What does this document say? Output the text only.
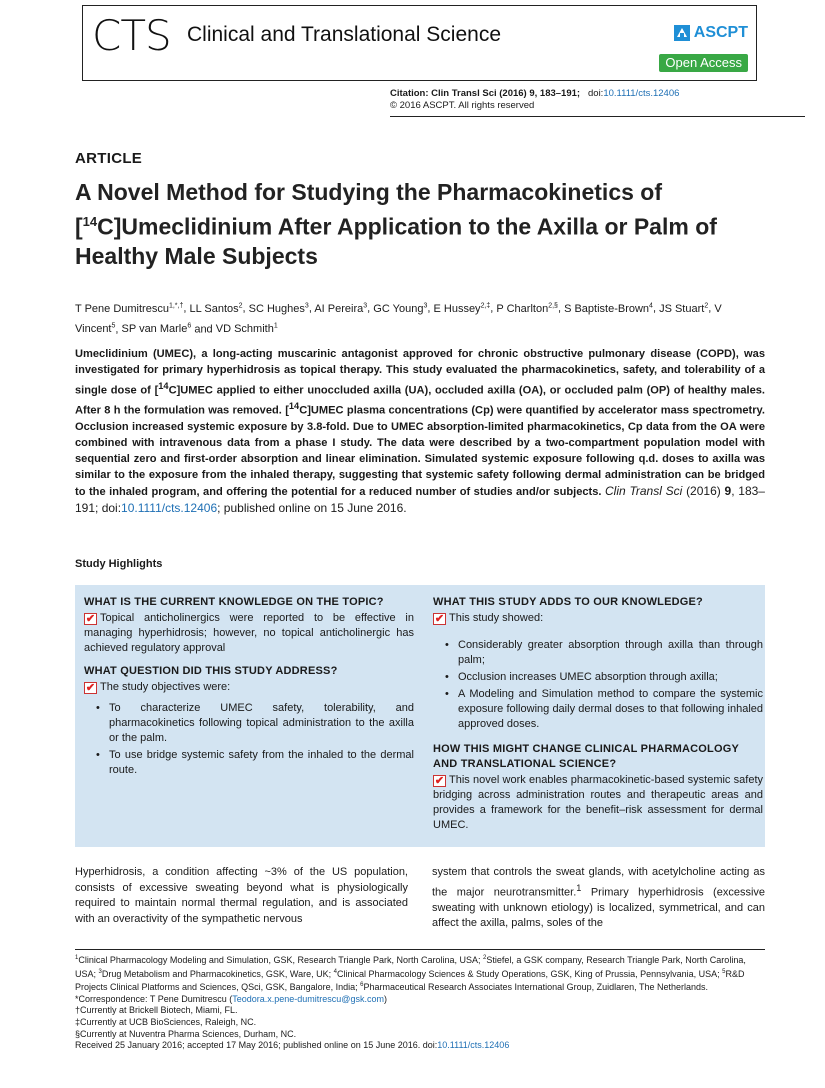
CTS Clinical and Translational Science	ASCPT
Open Access
Citation: Clin Transl Sci (2016) 9, 183–191; doi:10.1111/cts.12406
© 2016 ASCPT. All rights reserved
ARTICLE
A Novel Method for Studying the Pharmacokinetics of [$^{14}$C]Umeclidinium After Application to the Axilla or Palm of Healthy Male Subjects
T Pene Dumitrescu$^{1,*,\dagger}$, LL Santos$^2$, SC Hughes$^3$, AI Pereira$^3$, GC Young$^3$, E Hussey$^{2,\ddagger}$, P Charlton$^{2,\S}$, S Baptiste-Brown$^4$, JS Stuart$^2$, V Vincent$^5$, SP van Marle$^6$ and VD Schmith$^1$
Umeclidinium (UMEC), a long-acting muscarinic antagonist approved for chronic obstructive pulmonary disease (COPD), was investigated for primary hyperhidrosis as topical therapy. This study evaluated the pharmacokinetics, safety, and tolerability of a single dose of [$^{14}$C]UMEC applied to either unoccluded axilla (UA), occluded axilla (OA), or occluded palm (OP) of healthy males. After 8 h the formulation was removed. [$^{14}$C]UMEC plasma concentrations (Cp) were quantified by accelerator mass spectrometry. Occlusion increased systemic exposure by 3.8-fold. Due to UMEC absorption-limited pharmacokinetics, Cp data from the OA were combined with intravenous data from a phase I study. The data were described by a two-compartment population model with sequential zero and first-order absorption and linear elimination. Simulated systemic exposure following q.d. doses to axilla was similar to the exposure from the inhaled therapy, suggesting that systemic safety following dermal administration can be bridged to the inhaled program, and offering the potential for a reduced number of studies and/or subjects. Clin Transl Sci (2016) 9, 183–191; doi:10.1111/cts.12406; published online on 15 June 2016.
Study Highlights
WHAT IS THE CURRENT KNOWLEDGE ON THE TOPIC?
✔ Topical anticholinergics were reported to be effective in managing hyperhidrosis; however, no topical anticholinergic has achieved regulatory approval
WHAT QUESTION DID THIS STUDY ADDRESS?
✔ The study objectives were:
• To characterize UMEC safety, tolerability, and pharmacokinetics following topical administration to the axilla or the palm.
• To use bridge systemic safety from the inhaled to the dermal route.
WHAT THIS STUDY ADDS TO OUR KNOWLEDGE?
✔ This study showed:
• Considerably greater absorption through axilla than through palm;
• Occlusion increases UMEC absorption through axilla;
• A Modeling and Simulation method to compare the systemic exposure following daily dermal doses to that following inhaled approved doses.
HOW THIS MIGHT CHANGE CLINICAL PHARMACOLOGY AND TRANSLATIONAL SCIENCE?
✔ This novel work enables pharmacokinetic-based systemic safety bridging across administration routes and therapeutic areas and provides a framework for the benefit–risk assessment for dermal UMEC.
Hyperhidrosis, a condition affecting ~3% of the US population, consists of excessive sweating beyond what is physiologically required to maintain normal thermal regulation, and is associated with an overactivity of the sympathetic nervous
system that controls the sweat glands, with acetylcholine acting as the major neurotransmitter.$^1$ Primary hyperhidrosis (excessive sweating with unknown etiology) is localized, symmetrical, and can affect the axilla, palms, soles of the
$^1$Clinical Pharmacology Modeling and Simulation, GSK, Research Triangle Park, North Carolina, USA; $^2$Stiefel, a GSK company, Research Triangle Park, North Carolina, USA; $^3$Drug Metabolism and Pharmacokinetics, GSK, Ware, UK; $^4$Clinical Pharmacology Sciences & Study Operations, GSK, King of Prussia, Pennsylvania, USA; $^5$R&D Projects Clinical Platforms and Sciences, QSci, GSK, Bangalore, India; $^6$Pharmaceutical Research Associates International Group, Zuidlaren, The Netherlands.
*Correspondence: T Pene Dumitrescu (Teodora.x.pene-dumitrescu@gsk.com)
†Currently at Brickell Biotech, Miami, FL.
‡Currently at UCB BioSciences, Raleigh, NC.
§Currently at Nuventra Pharma Sciences, Durham, NC.
Received 25 January 2016; accepted 17 May 2016; published online on 15 June 2016. doi:10.1111/cts.12406
